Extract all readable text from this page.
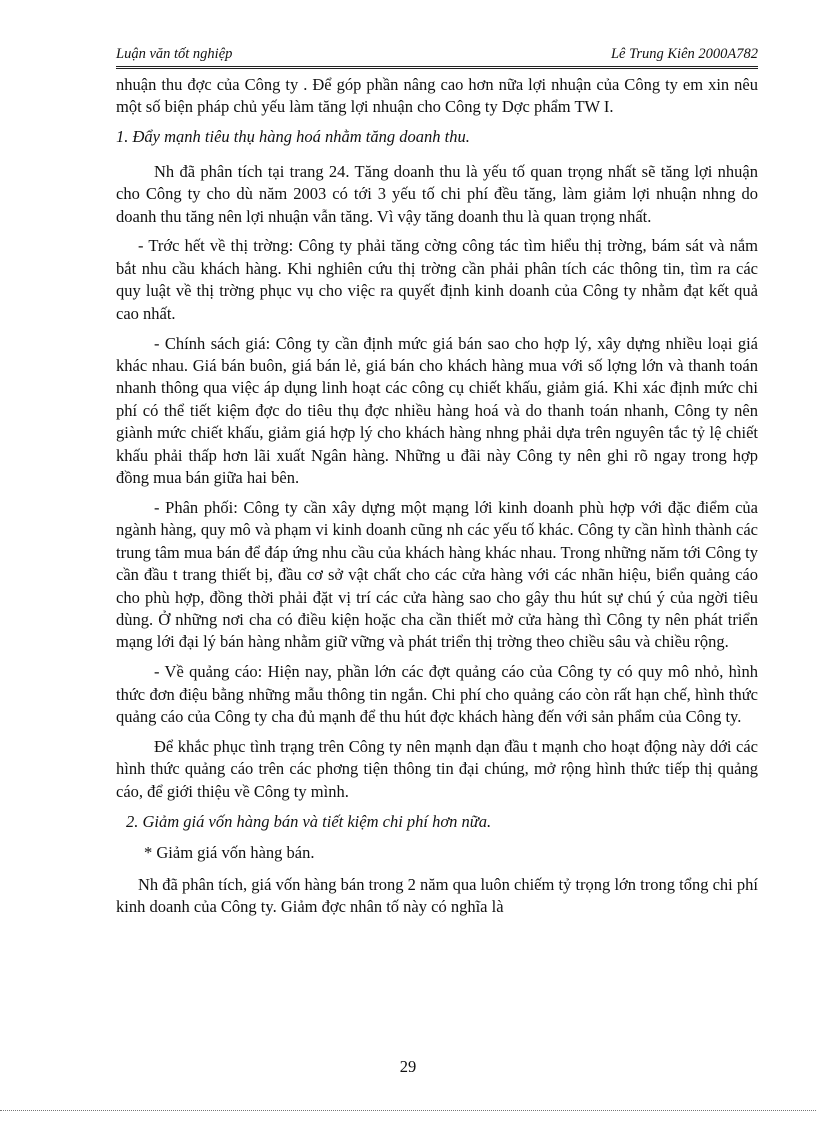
Luận văn tốt nghiệp	Lê Trung Kiên 2000A782

nhuận thu đợc của Công ty . Để góp phần nâng cao hơn nữa lợi nhuận của Công ty em xin nêu một số biện pháp chủ yếu làm tăng lợi nhuận cho Công ty Dợc phẩm TW I.

1. Đẩy mạnh tiêu thụ hàng hoá nhằm tăng doanh thu.

Nh đã phân tích tại trang 24. Tăng doanh thu là yếu tố quan trọng nhất sẽ tăng lợi nhuận cho Công ty cho dù năm 2003 có tới 3 yếu tố chi phí đều tăng, làm giảm lợi nhuận nhng do doanh thu tăng nên lợi nhuận vẫn tăng. Vì vậy tăng doanh thu là quan trọng nhất.

- Trớc hết về thị trờng: Công ty phải tăng cờng công tác tìm hiểu thị trờng, bám sát và nắm bắt nhu cầu khách hàng. Khi nghiên cứu thị trờng cần phải phân tích các thông tin, tìm ra các quy luật về thị trờng phục vụ cho việc ra quyết định kinh doanh của Công ty nhằm đạt kết quả cao nhất.

- Chính sách giá: Công ty cần định mức giá bán sao cho hợp lý, xây dựng nhiều loại giá khác nhau. Giá bán buôn, giá bán lẻ, giá bán cho khách hàng mua với số lợng lớn và thanh toán nhanh thông qua việc áp dụng linh hoạt các công cụ chiết khấu, giảm giá. Khi xác định mức chi phí có thể tiết kiệm đợc do tiêu thụ đợc nhiều hàng hoá và do thanh toán nhanh, Công ty nên giành mức chiết khấu, giảm giá hợp lý cho khách hàng nhng phải dựa trên nguyên tắc tỷ lệ chiết khấu phải thấp hơn lãi xuất Ngân hàng. Những u đãi này Công ty nên ghi rõ ngay trong hợp đồng mua bán giữa hai bên.

- Phân phối: Công ty cần xây dựng một mạng lới kinh doanh phù hợp với đặc điểm của ngành hàng, quy mô và phạm vi kinh doanh cũng nh các yếu tố khác. Công ty cần hình thành các trung tâm mua bán để đáp ứng nhu cầu của khách hàng khác nhau. Trong những năm tới Công ty cần đầu t trang thiết bị, đầu cơ sở vật chất cho các cửa hàng với các nhãn hiệu, biển quảng cáo cho phù hợp, đồng thời phải đặt vị trí các cửa hàng sao cho gây thu hút sự chú ý của ngời tiêu dùng. Ở những nơi cha có điều kiện hoặc cha cần thiết mở cửa hàng thì Công ty nên phát triển mạng lới đại lý bán hàng nhằm giữ vững và phát triển thị trờng theo chiều sâu và chiều rộng.

- Về quảng cáo: Hiện nay, phần lớn các đợt quảng cáo của Công ty có quy mô nhỏ, hình thức đơn điệu bằng những mẫu thông tin ngắn. Chi phí cho quảng cáo còn rất hạn chế, hình thức quảng cáo của Công ty cha đủ mạnh để thu hút đợc khách hàng đến với sản phẩm của Công ty.

Để khắc phục tình trạng trên Công ty nên mạnh dạn đầu t mạnh cho hoạt động này dới các hình thức quảng cáo trên các phơng tiện thông tin đại chúng, mở rộng hình thức tiếp thị quảng cáo, để giới thiệu về Công ty mình.

2. Giảm giá vốn hàng bán và tiết kiệm chi phí hơn nữa.

* Giảm giá vốn hàng bán.

Nh đã phân tích, giá vốn hàng bán trong 2 năm qua luôn chiếm tỷ trọng lớn trong tổng chi phí kinh doanh của Công ty. Giảm đợc nhân tố này có nghĩa là

29
